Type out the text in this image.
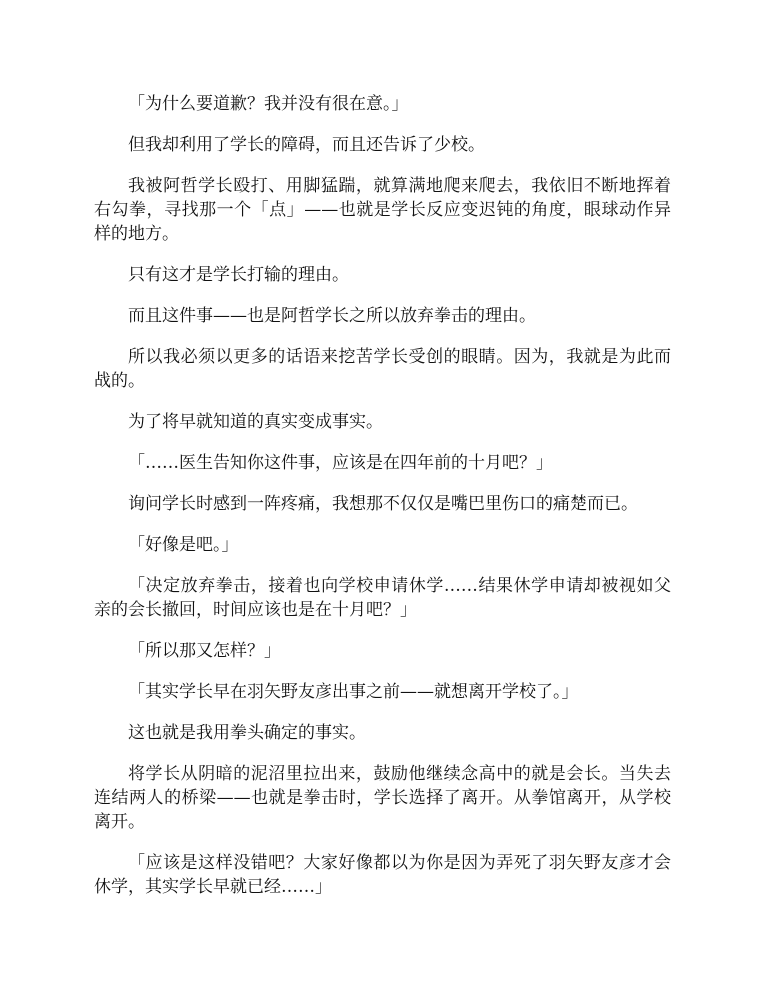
「为什么要道歉？我并没有很在意。」

但我却利用了学长的障碍，而且还告诉了少校。

我被阿哲学长殴打、用脚猛踹，就算满地爬来爬去，我依旧不断地挥着右勾拳，寻找那一个「点」——也就是学长反应变迟钝的角度，眼球动作异样的地方。

只有这才是学长打输的理由。

而且这件事——也是阿哲学长之所以放弃拳击的理由。

所以我必须以更多的话语来挖苦学长受创的眼睛。因为，我就是为此而战的。

为了将早就知道的真实变成事实。

「……医生告知你这件事，应该是在四年前的十月吧？」

询问学长时感到一阵疼痛，我想那不仅仅是嘴巴里伤口的痛楚而已。

「好像是吧。」

「决定放弃拳击，接着也向学校申请休学……结果休学申请却被视如父亲的会长撤回，时间应该也是在十月吧？」

「所以那又怎样？」

「其实学长早在羽矢野友彦出事之前——就想离开学校了。」

这也就是我用拳头确定的事实。

将学长从阴暗的泥沼里拉出来，鼓励他继续念高中的就是会长。当失去连结两人的桥梁——也就是拳击时，学长选择了离开。从拳馆离开，从学校离开。

「应该是这样没错吧？大家好像都以为你是因为弄死了羽矢野友彦才会休学，其实学长早就已经……」
